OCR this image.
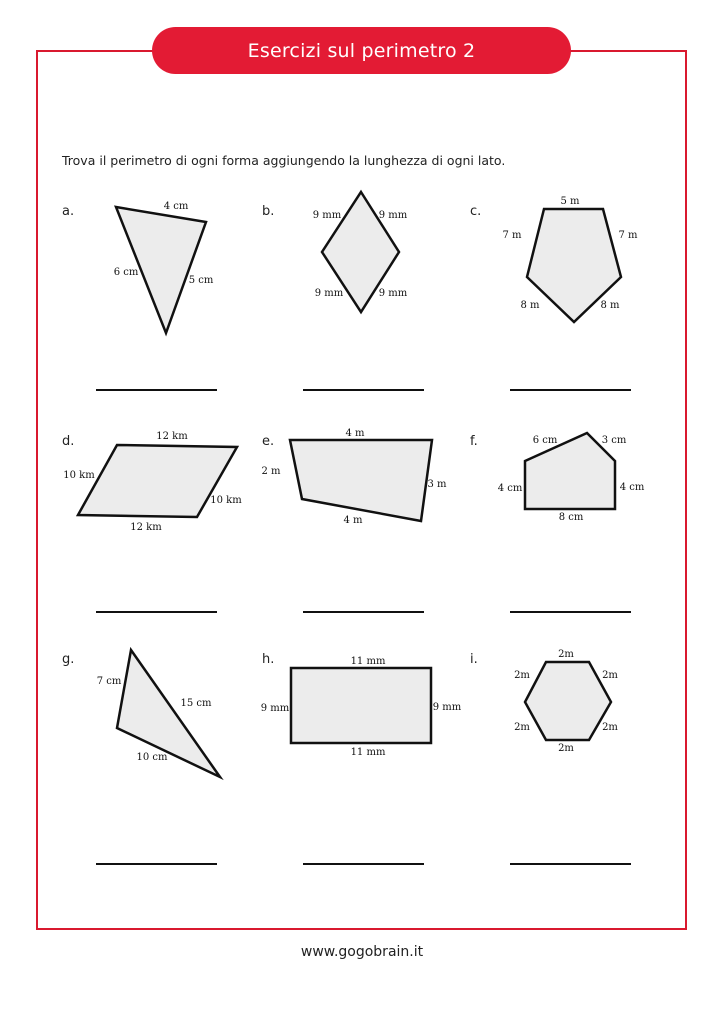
Esercizi sul perimetro 2
Trova il perimetro di ogni forma aggiungendo la lunghezza di ogni lato.
a.	b.	c.
d.	e.	f.
g.	h.	i.
4 cm
6 cm
5 cm
9 mm	9 mm
9 mm	9 mm
5 m
7 m	7 m
8 m	8 m
12 km
10 km
10 km
12 km
4 m
2 m
3 m
4 m
6 cm	3 cm
4 cm	4 cm
8 cm
7 cm
15 cm
10 cm
11 mm
9 mm	9 mm
11 mm
2m
2m	2m
2m	2m
2m
www.gogobrain.it
